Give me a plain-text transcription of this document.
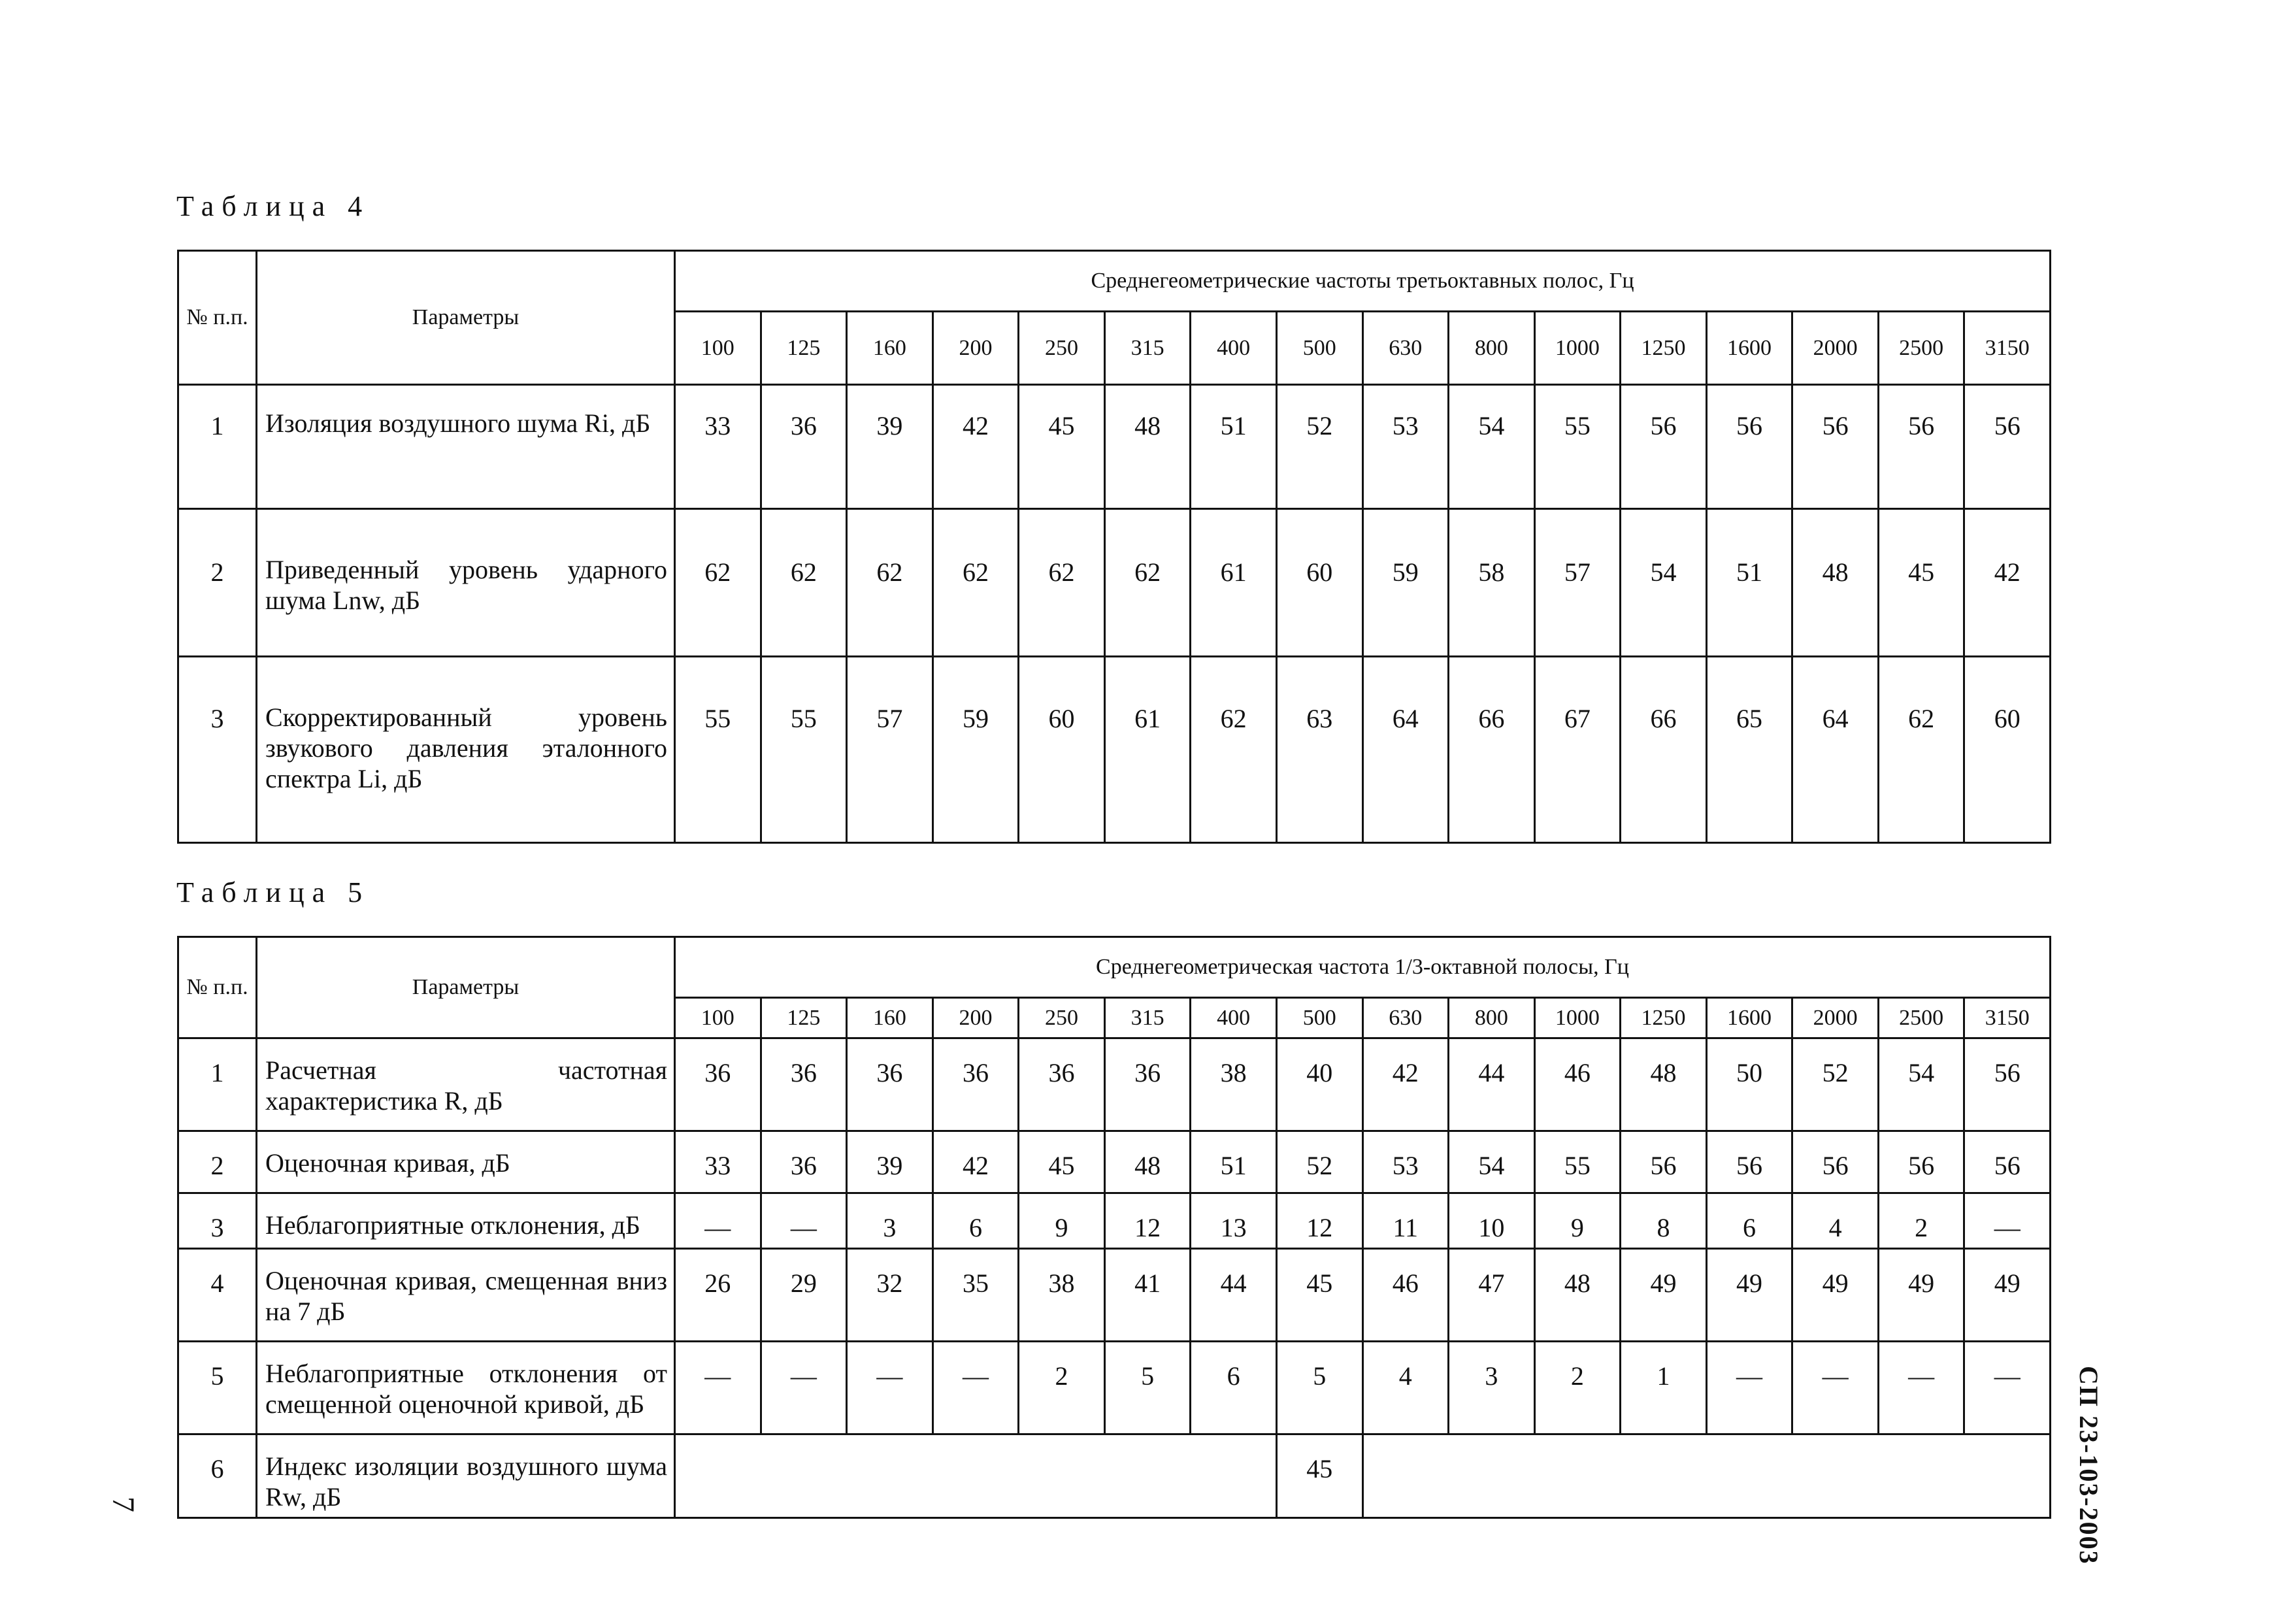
Таблица 4
№ п.п.	Параметры	Среднегеометрические частоты третьоктавных полос, Гц															
		100	125	160	200	250	315	400	500	630	800	1000	1250	1600	2000	2500	3150
1	Изоляция воздушного шума Ri, дБ	33	36	39	42	45	48	51	52	53	54	55	56	56	56	56	56
2	Приведенный уровень ударного шума Lnw, дБ	62	62	62	62	62	62	61	60	59	58	57	54	51	48	45	42
3	Скорректированный уровень звукового давления эталонного спектра Li, дБ	55	55	57	59	60	61	62	63	64	66	67	66	65	64	62	60
Таблица 5
№ п.п.	Параметры	Среднегеометрическая частота 1/3-октавной полосы, Гц															
		100	125	160	200	250	315	400	500	630	800	1000	1250	1600	2000	2500	3150
1	Расчетная частотная характеристика R, дБ	36	36	36	36	36	36	38	40	42	44	46	48	50	52	54	56
2	Оценочная кривая, дБ	33	36	39	42	45	48	51	52	53	54	55	56	56	56	56	56
3	Неблагоприятные отклонения, дБ	—	—	3	6	9	12	13	12	11	10	9	8	6	4	2	—
4	Оценочная кривая, смещенная вниз на 7 дБ	26	29	32	35	38	41	44	45	46	47	48	49	49	49	49	49
5	Неблагоприятные отклонения от смещенной оценочной кривой, дБ	—	—	—	—	2	5	6	5	4	3	2	1	—	—	—	—
6	Индекс изоляции воздушного шума Rw, дБ								45									СП 23-103-2003
7
